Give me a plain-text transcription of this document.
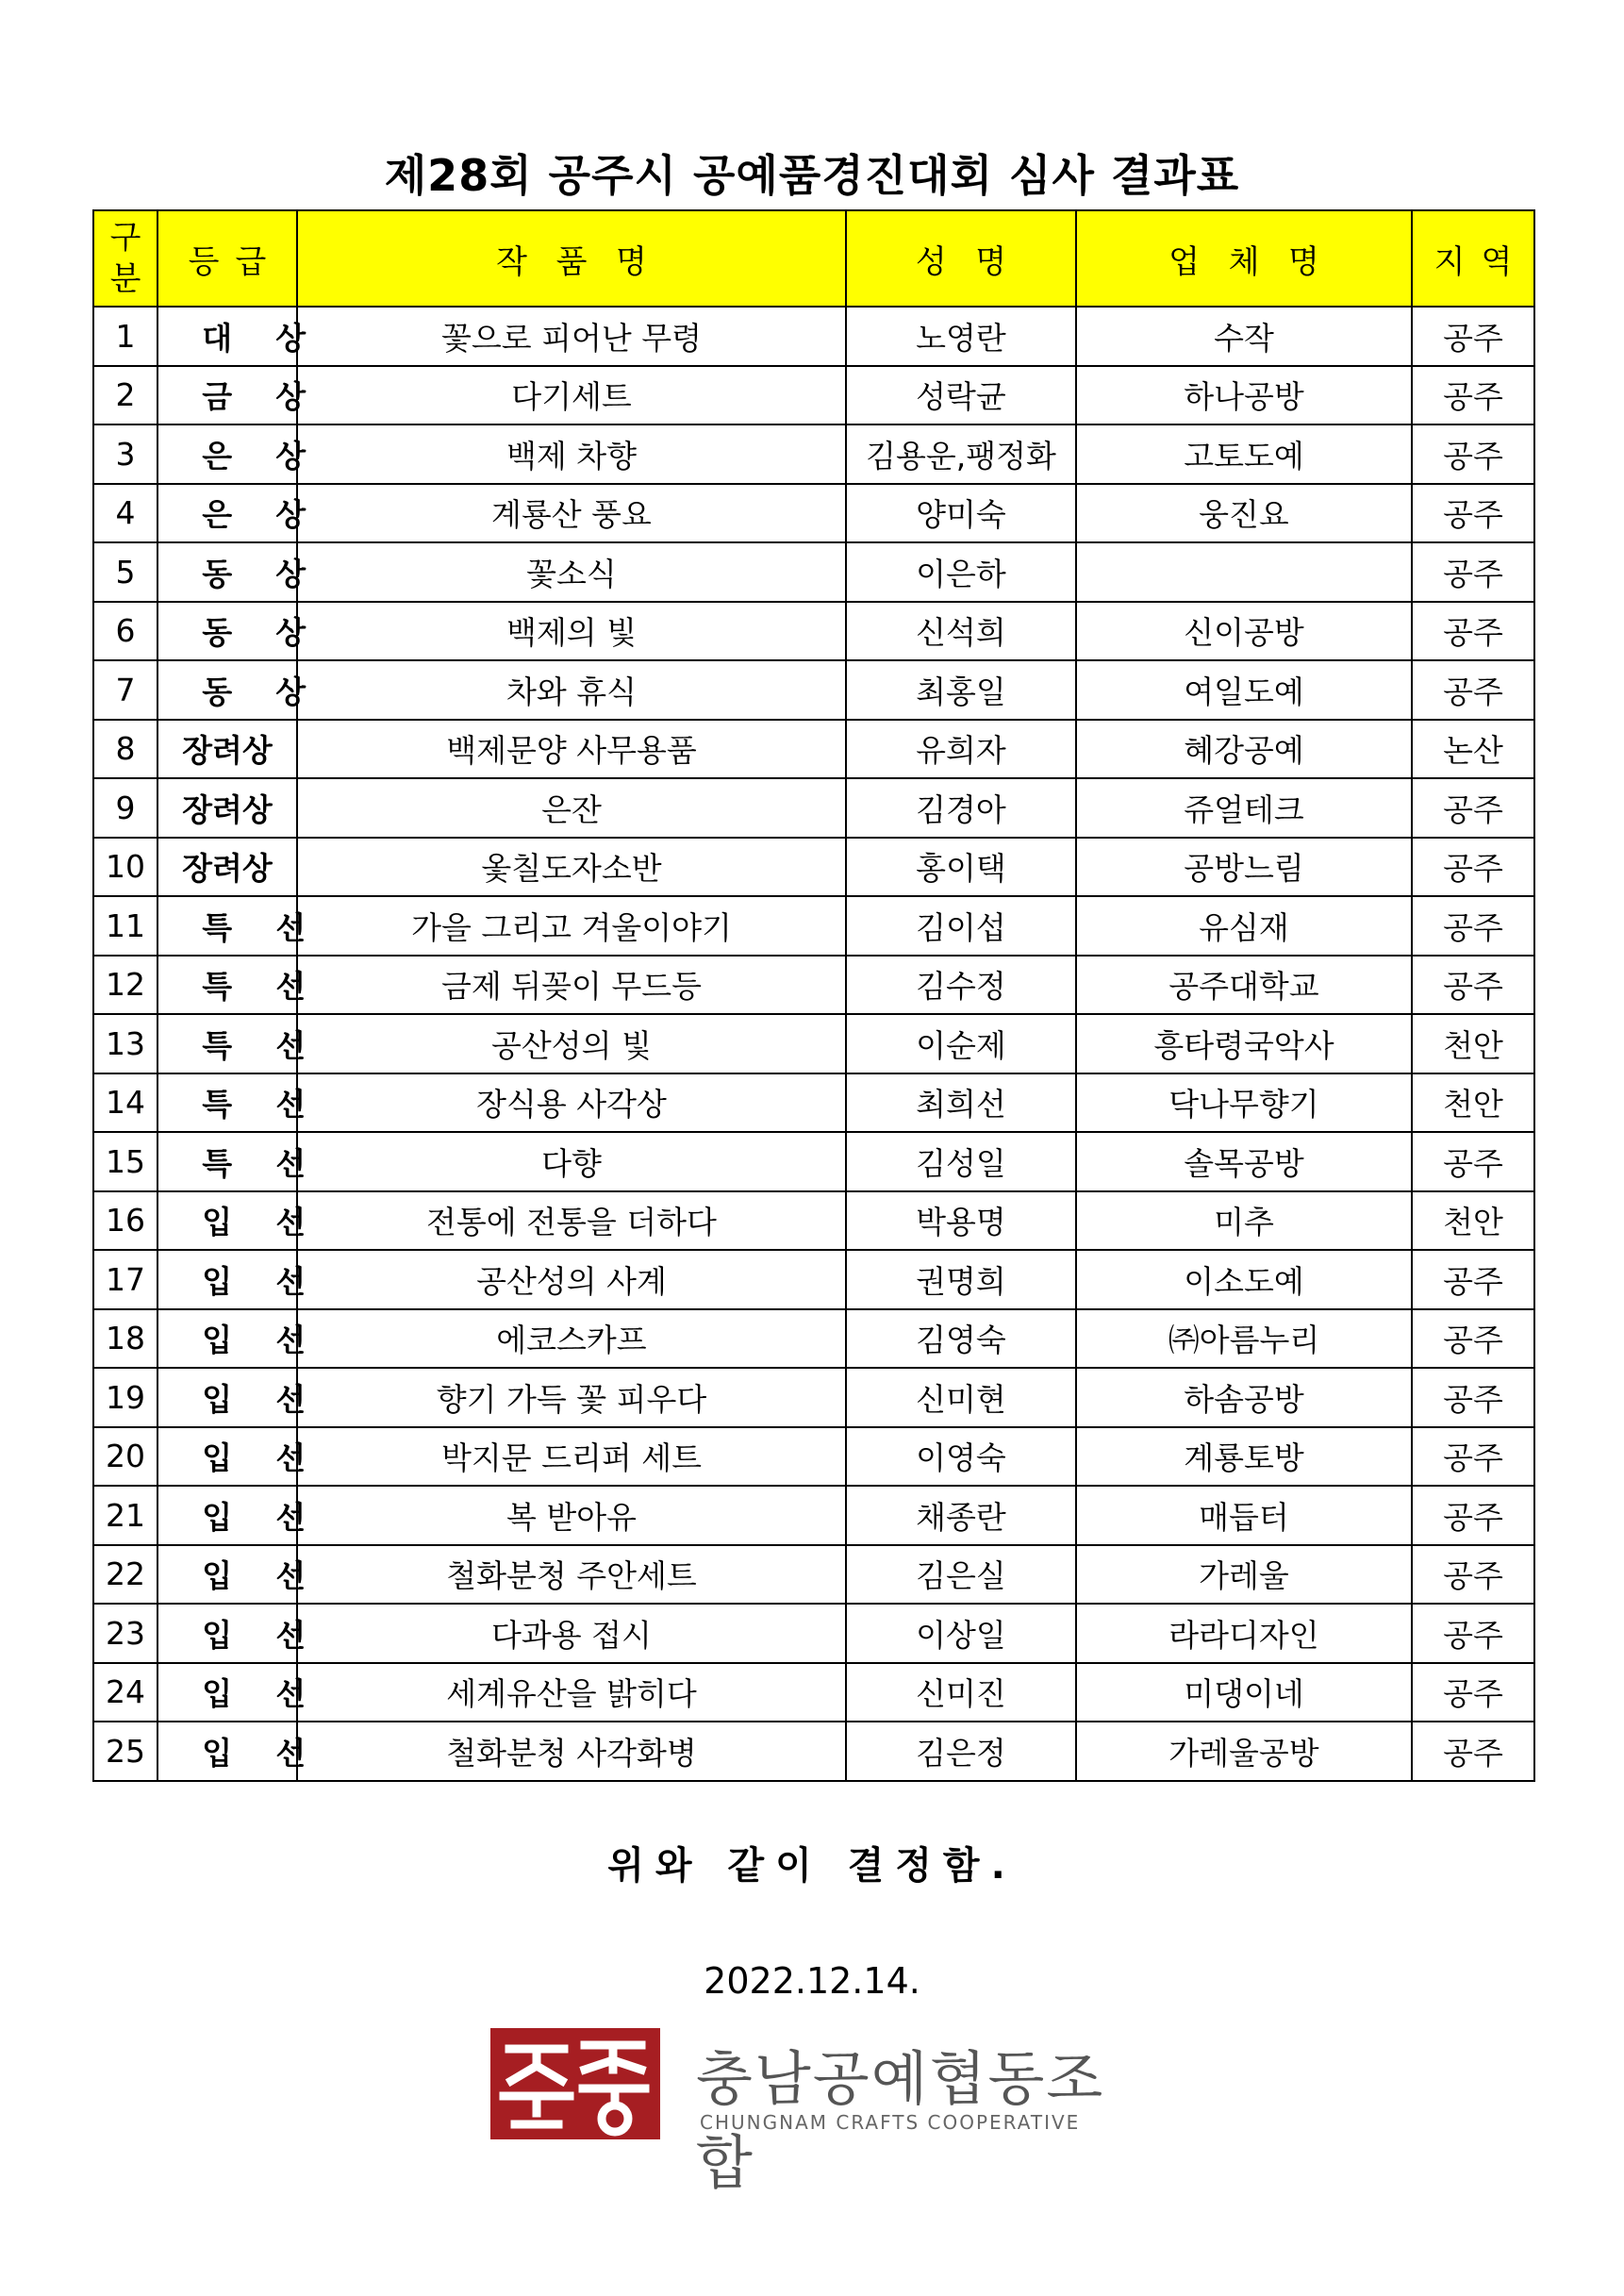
제28회 공주시 공예품경진대회 심사 결과표
구
분	등급	작품명	성명	업체명	지역
1	대상	꽃으로 피어난 무령	노영란	수작	공주
2	금상	다기세트	성락균	하나공방	공주
3	은상	백제 차향	김용운,팽정화	고토도예	공주
4	은상	계룡산 풍요	양미숙	웅진요	공주
5	동상	꽃소식	이은하		공주
6	동상	백제의 빛	신석희	신이공방	공주
7	동상	차와 휴식	최홍일	여일도예	공주
8	장려상	백제문양 사무용품	유희자	혜강공예	논산
9	장려상	은잔	김경아	쥬얼테크	공주
10	장려상	옻칠도자소반	홍이택	공방느림	공주
11	특선	가을 그리고 겨울이야기	김이섭	유심재	공주
12	특선	금제 뒤꽂이 무드등	김수정	공주대학교	공주
13	특선	공산성의 빛	이순제	흥타령국악사	천안
14	특선	장식용 사각상	최희선	닥나무향기	천안
15	특선	다향	김성일	솔목공방	공주
16	입선	전통에 전통을 더하다	박용명	미추	천안
17	입선	공산성의 사계	권명희	이소도예	공주
18	입선	에코스카프	김영숙	㈜아름누리	공주
19	입선	향기 가득 꽃 피우다	신미현	하솜공방	공주
20	입선	박지문 드리퍼 세트	이영숙	계룡토방	공주
21	입선	복 받아유	채종란	매듭터	공주
22	입선	철화분청 주안세트	김은실	가레울	공주
23	입선	다과용 접시	이상일	라라디자인	공주
24	입선	세계유산을 밝히다	신미진	미댕이네	공주
25	입선	철화분청 사각화병	김은정	가레울공방	공주
위와 같이 결정함.
2022.12.14.
충남공예협동조합
CHUNGNAM CRAFTS COOPERATIVE
